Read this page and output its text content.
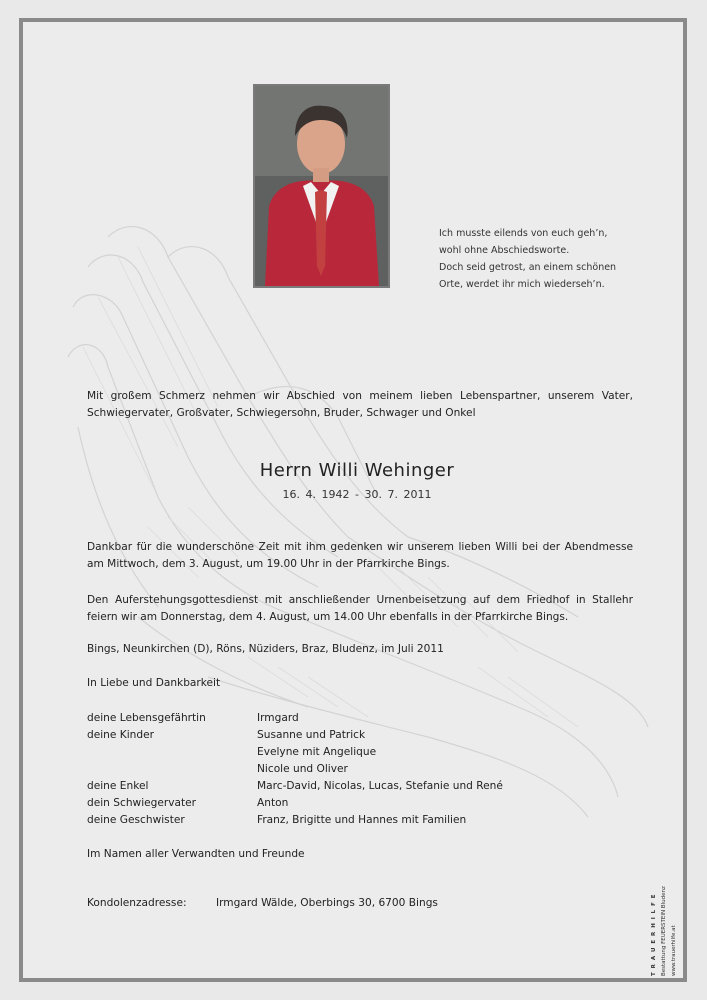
Ich musste eilends von euch geh’n,
wohl ohne Abschiedsworte.
Doch seid getrost, an einem schönen
Orte, werdet ihr mich wiederseh’n.
Mit großem Schmerz nehmen wir Abschied von meinem lieben Lebenspartner, unserem Vater, Schwiegervater, Großvater, Schwiegersohn, Bruder, Schwager und Onkel
Herrn Willi Wehinger
16. 4. 1942 - 30. 7. 2011
Dankbar für die wunderschöne Zeit mit ihm gedenken wir unserem lieben Willi bei der Abendmesse am Mittwoch, dem 3. August, um 19.00 Uhr in der Pfarrkirche Bings.
Den Auferstehungsgottesdienst mit anschließender Urnenbeisetzung auf dem Friedhof in Stallehr feiern wir am Donnerstag, dem 4. August, um 14.00 Uhr ebenfalls in der Pfarrkirche Bings.
Bings, Neunkirchen (D), Röns, Nüziders, Braz, Bludenz, im Juli 2011
In Liebe und Dankbarkeit
deine Lebensgefährtin	Irmgard
deine Kinder	Susanne und Patrick
Evelyne mit Angelique
Nicole und Oliver
deine Enkel	Marc-David, Nicolas, Lucas, Stefanie und René
dein Schwiegervater	Anton
deine Geschwister	Franz, Brigitte und Hannes mit Familien
Im Namen aller Verwandten und Freunde
Kondolenzadresse:	Irmgard Wälde, Oberbings 30, 6700 Bings	T R A U E R H I L F E Bestattung FEUERSTEIN Bludenz www.trauerhilfe.at
